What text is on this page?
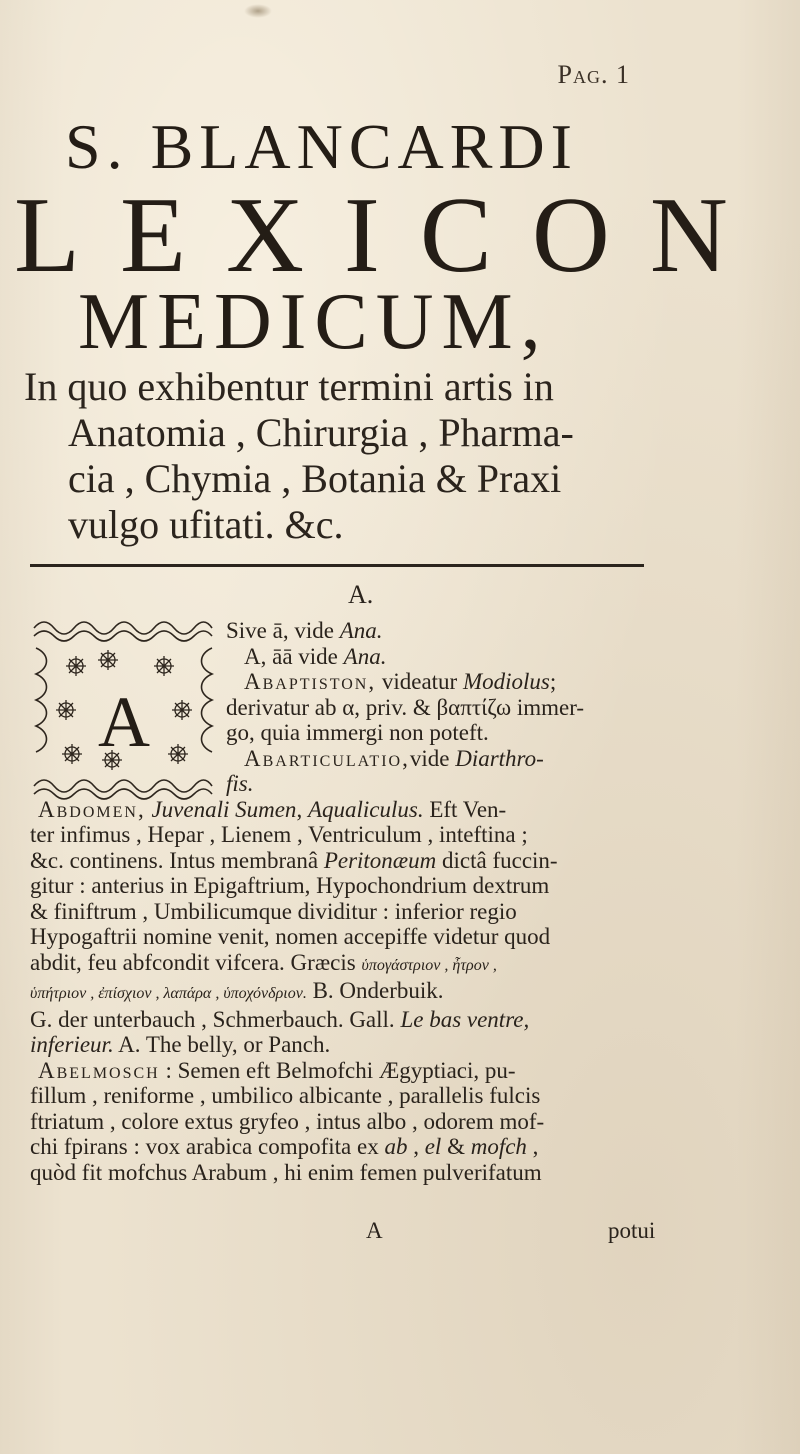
Pag. 1
S. BLANCARDI
LEXICON
MEDICUM,
In quo exhibentur termini artis in
Anatomia , Chirurgia , Pharma-
cia , Chymia , Botania & Praxi
vulgo ufitati. &c.
A.
A
Sive ā, vide Ana.
A, āā vide Ana.
Abaptiston, videatur Modiolus;
derivatur ab α, priv. & βαπτίζω immer-
go, quia immergi non poteft.
Abarticulatio,vide Diarthro-
fis.
Abdomen, Juvenali Sumen, Aqualiculus. Eft Ven-
ter infimus , Hepar , Lienem , Ventriculum , inteftina ;
&c. continens. Intus membranâ Peritonæum dictâ fuccin-
gitur : anterius in Epigaftrium, Hypochondrium dextrum
& finiftrum , Umbilicumque dividitur : inferior regio
Hypogaftrii nomine venit, nomen accepiffe videtur quod
abdit, feu abfcondit vifcera. Græcis ὑπογάστριον , ἦτρον ,
ὑπήτριον , ἐπίσχιον , λαπάρα , ὑποχόνδριον. B. Onderbuik.
G. der unterbauch , Schmerbauch. Gall. Le bas ventre,
inferieur. A. The belly, or Panch.
Abelmosch : Semen eft Belmofchi Ægyptiaci, pu-
fillum , reniforme , umbilico albicante , parallelis fulcis
ftriatum , colore extus gryfeo , intus albo , odorem mof-
chi fpirans : vox arabica compofita ex ab , el & mofch ,
quòd fit mofchus Arabum , hi enim femen pulverifatum
A	potui
